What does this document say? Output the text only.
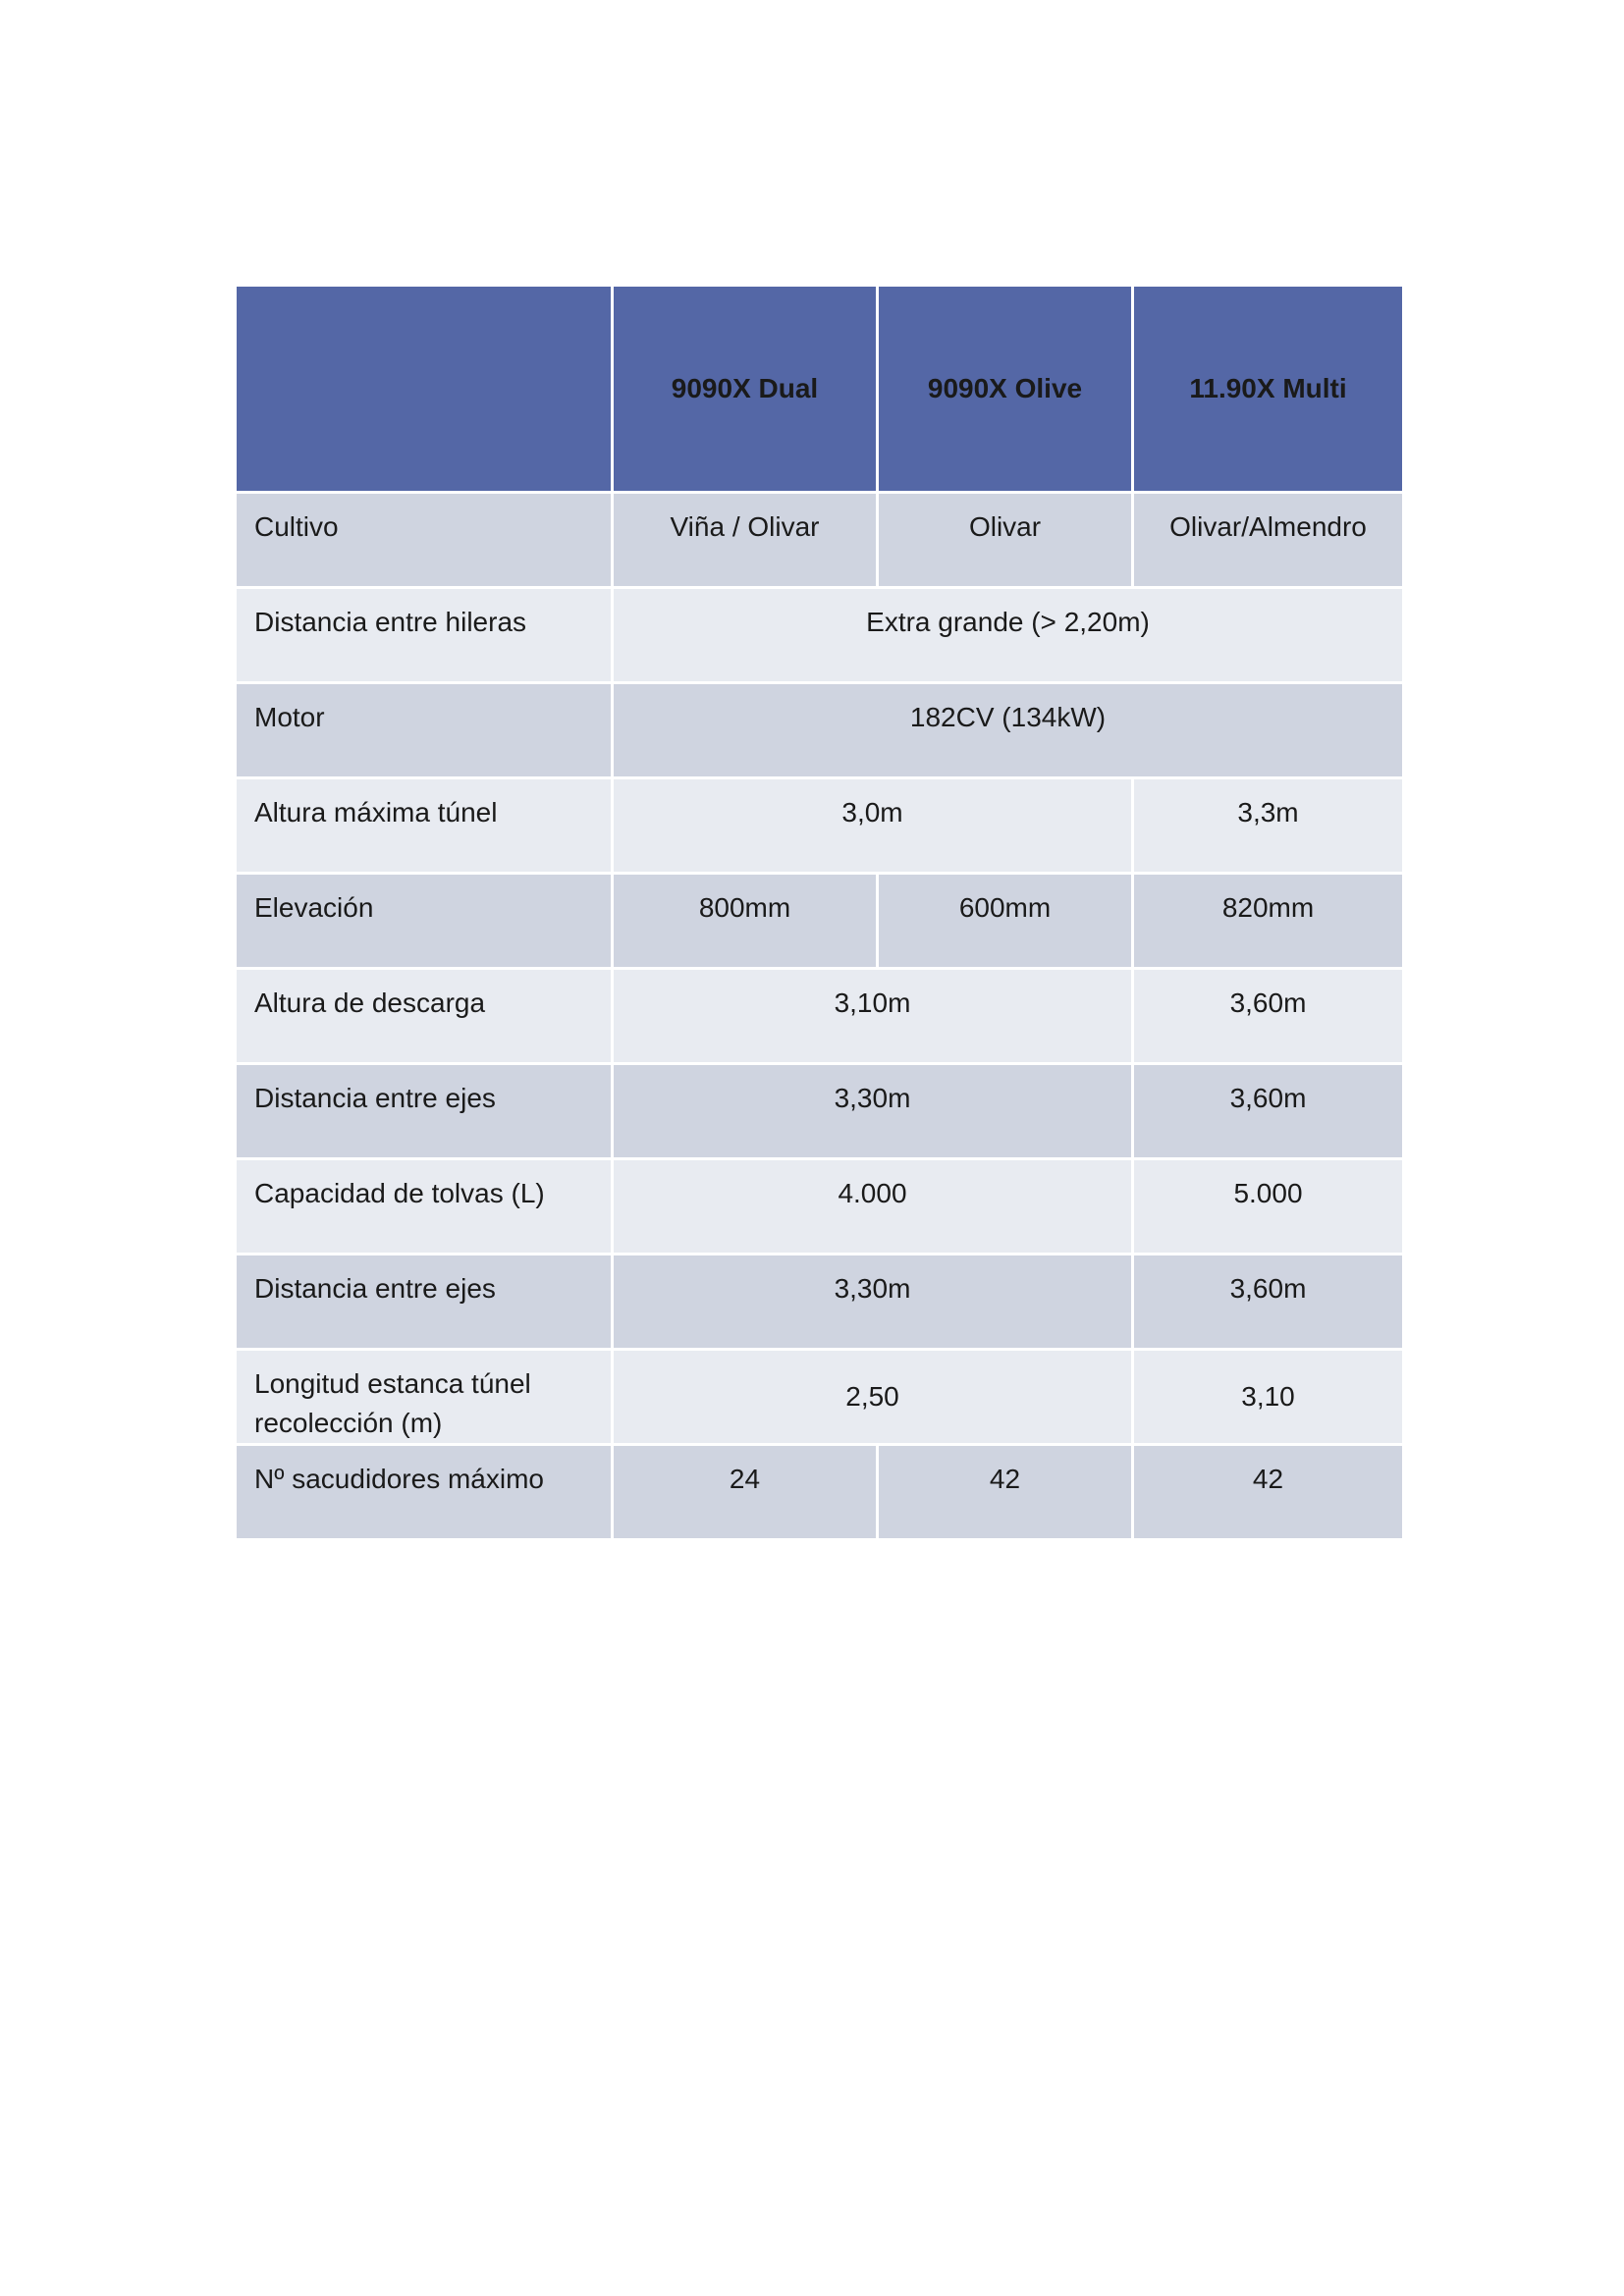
	9090X Dual	9090X Olive	11.90X Multi
Cultivo	Viña / Olivar	Olivar	Olivar/Almendro
Distancia entre hileras	Extra grande (> 2,20m)		
Motor	182CV (134kW)		
Altura máxima túnel	3,0m		3,3m
Elevación	800mm	600mm	820mm
Altura de descarga	3,10m		3,60m
Distancia entre ejes	3,30m		3,60m
Capacidad de tolvas (L)	4.000		5.000
Distancia entre ejes	3,30m		3,60m
Longitud estanca túnel recolección (m)	2,50		3,10
Nº sacudidores máximo	24	42	42
